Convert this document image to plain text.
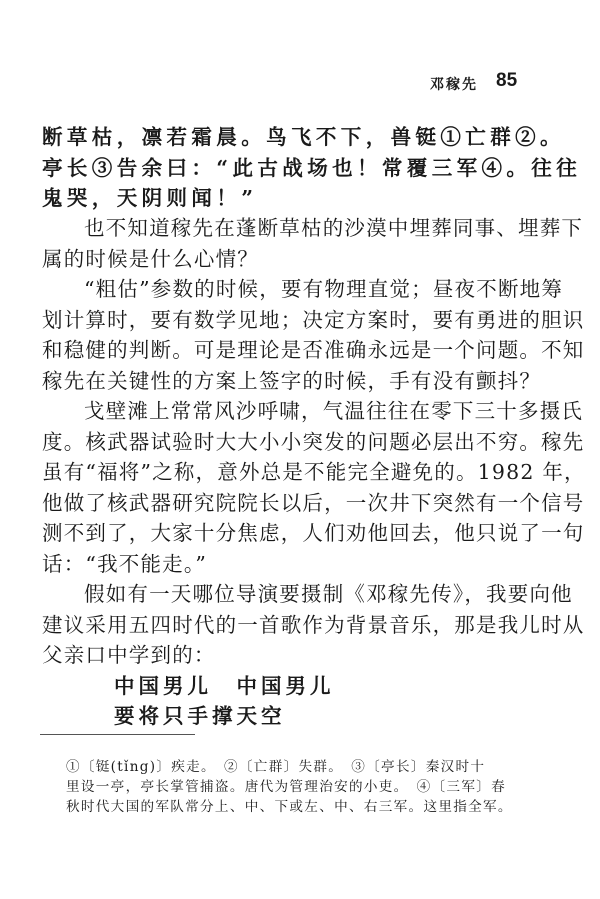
邓稼先 85
断草枯，凛若霜晨。鸟飞不下，兽铤①亡群②。
亭长③告余曰：“此古战场也！常覆三军④。往往
鬼哭，天阴则闻！”
也不知道稼先在蓬断草枯的沙漠中埋葬同事、埋葬下
属的时候是什么心情？
“粗估”参数的时候，要有物理直觉；昼夜不断地筹
划计算时，要有数学见地；决定方案时，要有勇进的胆识
和稳健的判断。可是理论是否准确永远是一个问题。不知
稼先在关键性的方案上签字的时候，手有没有颤抖？
戈壁滩上常常风沙呼啸，气温往往在零下三十多摄氏
度。核武器试验时大大小小突发的问题必层出不穷。稼先
虽有“福将”之称，意外总是不能完全避免的。1982 年，
他做了核武器研究院院长以后，一次井下突然有一个信号
测不到了，大家十分焦虑，人们劝他回去，他只说了一句
话：“我不能走。”
假如有一天哪位导演要摄制《邓稼先传》，我要向他
建议采用五四时代的一首歌作为背景音乐，那是我儿时从
父亲口中学到的：
中国男儿　中国男儿
要将只手撑天空
①〔铤(tǐng)〕疾走。　②〔亡群〕失群。　③〔亭长〕秦汉时十
里设一亭，亭长掌管捕盗。唐代为管理治安的小吏。　④〔三军〕春
秋时代大国的军队常分上、中、下或左、中、右三军。这里指全军。
